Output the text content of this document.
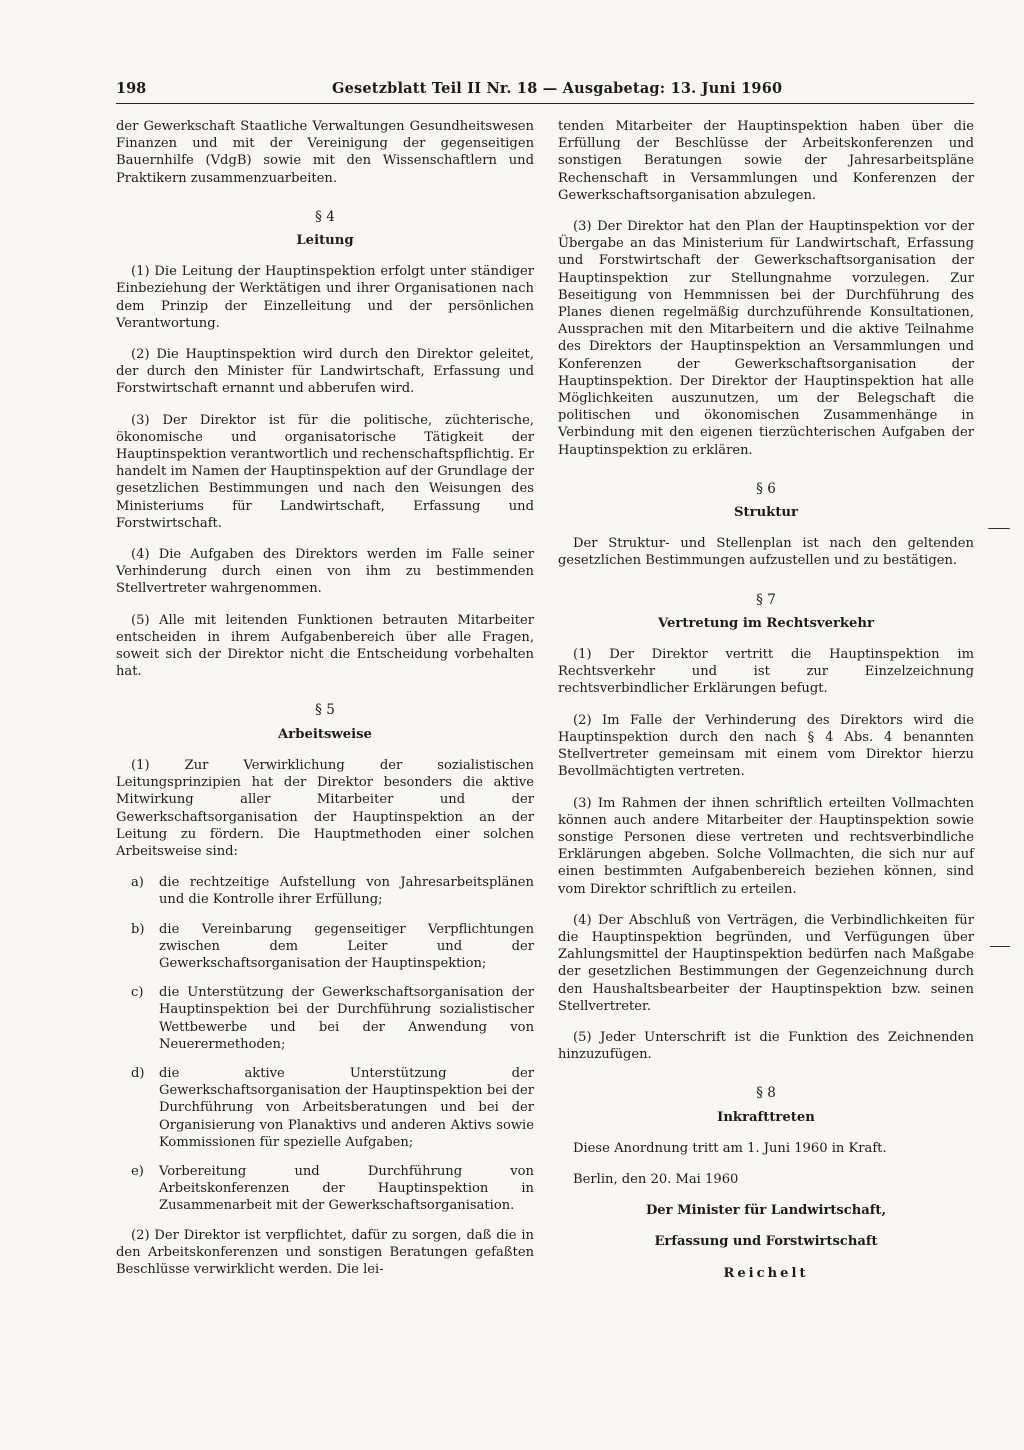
198	Gesetzblatt Teil II Nr. 18 — Ausgabetag: 13. Juni 1960

der Gewerkschaft Staatliche Verwaltungen Gesundheitswesen Finanzen und mit der Vereinigung der gegenseitigen Bauernhilfe (VdgB) sowie mit den Wissenschaftlern und Praktikern zusammenzuarbeiten.

§ 4
Leitung

(1) Die Leitung der Hauptinspektion erfolgt unter ständiger Einbeziehung der Werktätigen und ihrer Organisationen nach dem Prinzip der Einzelleitung und der persönlichen Verantwortung.

(2) Die Hauptinspektion wird durch den Direktor geleitet, der durch den Minister für Landwirtschaft, Erfassung und Forstwirtschaft ernannt und abberufen wird.

(3) Der Direktor ist für die politische, züchterische, ökonomische und organisatorische Tätigkeit der Hauptinspektion verantwortlich und rechenschaftspflichtig. Er handelt im Namen der Hauptinspektion auf der Grundlage der gesetzlichen Bestimmungen und nach den Weisungen des Ministeriums für Landwirtschaft, Erfassung und Forstwirtschaft.

(4) Die Aufgaben des Direktors werden im Falle seiner Verhinderung durch einen von ihm zu bestimmenden Stellvertreter wahrgenommen.

(5) Alle mit leitenden Funktionen betrauten Mitarbeiter entscheiden in ihrem Aufgabenbereich über alle Fragen, soweit sich der Direktor nicht die Entscheidung vorbehalten hat.

§ 5
Arbeitsweise

(1) Zur Verwirklichung der sozialistischen Leitungsprinzipien hat der Direktor besonders die aktive Mitwirkung aller Mitarbeiter und der Gewerkschaftsorganisation der Hauptinspektion an der Leitung zu fördern. Die Hauptmethoden einer solchen Arbeitsweise sind:

a)	die rechtzeitige Aufstellung von Jahresarbeitsplänen und die Kontrolle ihrer Erfüllung;
b)	die Vereinbarung gegenseitiger Verpflichtungen zwischen dem Leiter und der Gewerkschaftsorganisation der Hauptinspektion;
c)	die Unterstützung der Gewerkschaftsorganisation der Hauptinspektion bei der Durchführung sozialistischer Wettbewerbe und bei der Anwendung von Neuerermethoden;
d)	die aktive Unterstützung der Gewerkschaftsorganisation der Hauptinspektion bei der Durchführung von Arbeitsberatungen und bei der Organisierung von Planaktivs und anderen Aktivs sowie Kommissionen für spezielle Aufgaben;
e)	Vorbereitung und Durchführung von Arbeitskonferenzen der Hauptinspektion in Zusammenarbeit mit der Gewerkschaftsorganisation.

(2) Der Direktor ist verpflichtet, dafür zu sorgen, daß die in den Arbeitskonferenzen und sonstigen Beratungen gefaßten Beschlüsse verwirklicht werden. Die lei-

tenden Mitarbeiter der Hauptinspektion haben über die Erfüllung der Beschlüsse der Arbeitskonferenzen und sonstigen Beratungen sowie der Jahresarbeitspläne Rechenschaft in Versammlungen und Konferenzen der Gewerkschaftsorganisation abzulegen.

(3) Der Direktor hat den Plan der Hauptinspektion vor der Übergabe an das Ministerium für Landwirtschaft, Erfassung und Forstwirtschaft der Gewerkschaftsorganisation der Hauptinspektion zur Stellungnahme vorzulegen. Zur Beseitigung von Hemmnissen bei der Durchführung des Planes dienen regelmäßig durchzuführende Konsultationen, Aussprachen mit den Mitarbeitern und die aktive Teilnahme des Direktors der Hauptinspektion an Versammlungen und Konferenzen der Gewerkschaftsorganisation der Hauptinspektion. Der Direktor der Hauptinspektion hat alle Möglichkeiten auszunutzen, um der Belegschaft die politischen und ökonomischen Zusammenhänge in Verbindung mit den eigenen tierzüchterischen Aufgaben der Hauptinspektion zu erklären.

§ 6
Struktur

Der Struktur- und Stellenplan ist nach den geltenden gesetzlichen Bestimmungen aufzustellen und zu bestätigen.

§ 7
Vertretung im Rechtsverkehr

(1) Der Direktor vertritt die Hauptinspektion im Rechtsverkehr und ist zur Einzelzeichnung rechtsverbindlicher Erklärungen befugt.

(2) Im Falle der Verhinderung des Direktors wird die Hauptinspektion durch den nach § 4 Abs. 4 benannten Stellvertreter gemeinsam mit einem vom Direktor hierzu Bevollmächtigten vertreten.

(3) Im Rahmen der ihnen schriftlich erteilten Vollmachten können auch andere Mitarbeiter der Hauptinspektion sowie sonstige Personen diese vertreten und rechtsverbindliche Erklärungen abgeben. Solche Vollmachten, die sich nur auf einen bestimmten Aufgabenbereich beziehen können, sind vom Direktor schriftlich zu erteilen.

(4) Der Abschluß von Verträgen, die Verbindlichkeiten für die Hauptinspektion begründen, und Verfügungen über Zahlungsmittel der Hauptinspektion bedürfen nach Maßgabe der gesetzlichen Bestimmungen der Gegenzeichnung durch den Haushaltsbearbeiter der Hauptinspektion bzw. seinen Stellvertreter.

(5) Jeder Unterschrift ist die Funktion des Zeichnenden hinzuzufügen.

§ 8
Inkrafttreten

Diese Anordnung tritt am 1. Juni 1960 in Kraft.

Berlin, den 20. Mai 1960

Der Minister für Landwirtschaft,

Erfassung und Forstwirtschaft

Reichelt
